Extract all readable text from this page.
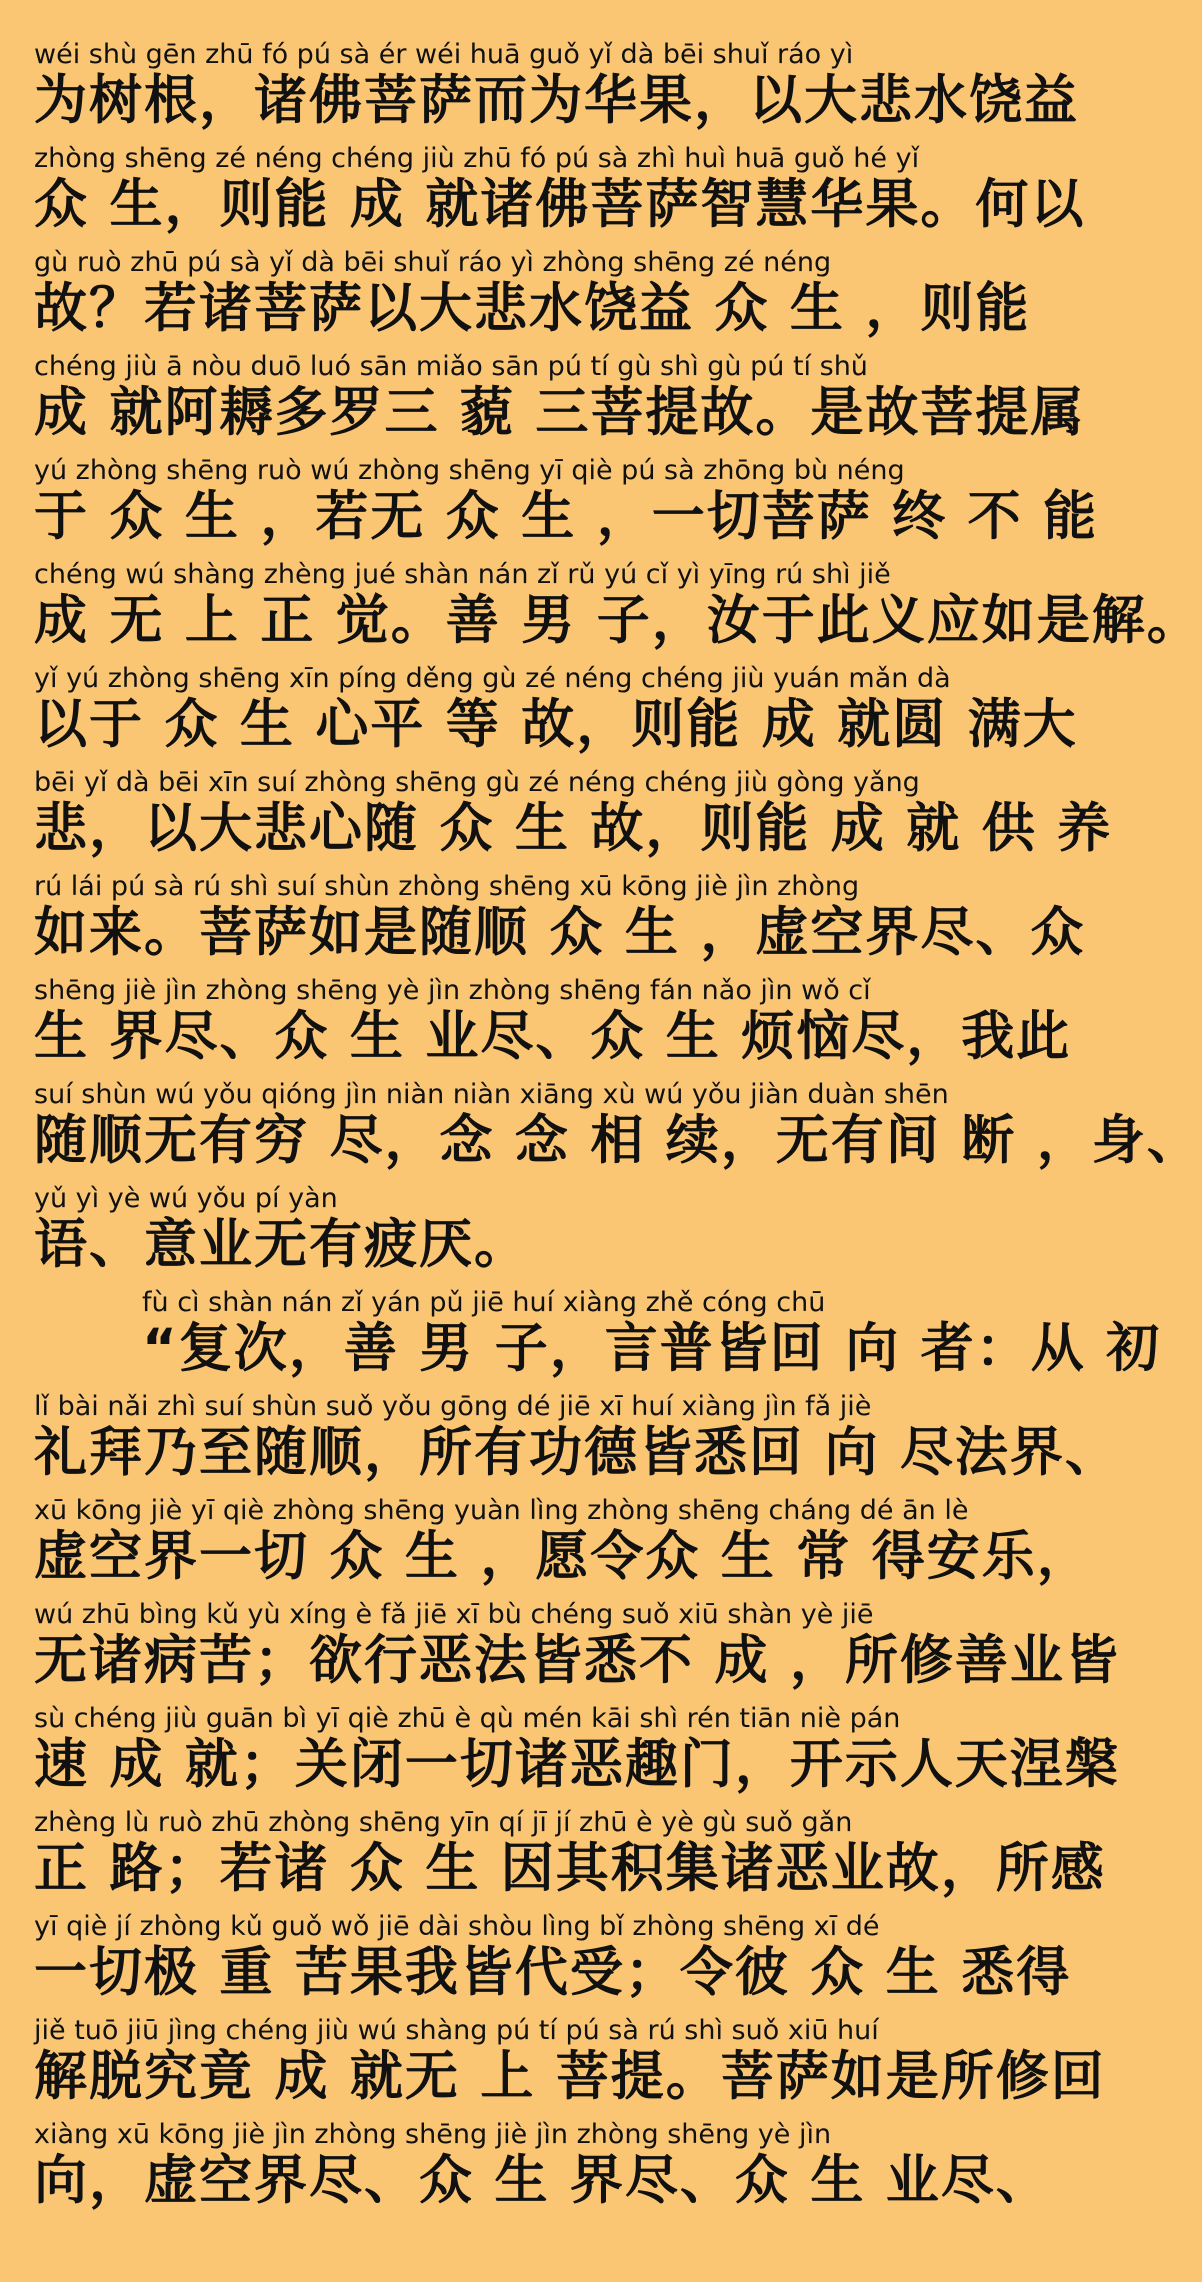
wéi shù gēn zhū fó pú sà ér wéi huā guǒ yǐ dà bēi shuǐ ráo yì
为树根，诸佛菩萨而为华果，以大悲水饶益
zhòng shēng zé néng chéng jiù zhū fó pú sà zhì huì huā guǒ hé yǐ
众 生，则能 成 就诸佛菩萨智慧华果。何以
gù ruò zhū pú sà yǐ dà bēi shuǐ ráo yì zhòng shēng zé néng
故？若诸菩萨以大悲水饶益 众 生 ，则能
chéng jiù ā nòu duō luó sān miǎo sān pú tí gù shì gù pú tí shǔ
成 就阿耨多罗三 藐 三菩提故。是故菩提属
yú zhòng shēng ruò wú zhòng shēng yī qiè pú sà zhōng bù néng
于 众 生 ，若无 众 生 ，一切菩萨 终 不 能
chéng wú shàng zhèng jué shàn nán zǐ rǔ yú cǐ yì yīng rú shì jiě
成 无 上 正 觉。善 男 子，汝于此义应如是解。
yǐ yú zhòng shēng xīn píng děng gù zé néng chéng jiù yuán mǎn dà
以于 众 生 心平 等 故，则能 成 就圆 满大
bēi yǐ dà bēi xīn suí zhòng shēng gù zé néng chéng jiù gòng yǎng
悲，以大悲心随 众 生 故，则能 成 就 供 养
rú lái pú sà rú shì suí shùn zhòng shēng xū kōng jiè jìn zhòng
如来。菩萨如是随顺 众 生 ，虚空界尽、众
shēng jiè jìn zhòng shēng yè jìn zhòng shēng fán nǎo jìn wǒ cǐ
生 界尽、众 生 业尽、众 生 烦恼尽，我此
suí shùn wú yǒu qióng jìn niàn niàn xiāng xù wú yǒu jiàn duàn shēn
随顺无有穷 尽，念 念 相 续，无有间 断 ，身、
yǔ yì yè wú yǒu pí yàn
语、意业无有疲厌。
fù cì shàn nán zǐ yán pǔ jiē huí xiàng zhě cóng chū
“复次，善 男 子，言普皆回 向 者：从 初
lǐ bài nǎi zhì suí shùn suǒ yǒu gōng dé jiē xī huí xiàng jìn fǎ jiè
礼拜乃至随顺，所有功德皆悉回 向 尽法界、
xū kōng jiè yī qiè zhòng shēng yuàn lìng zhòng shēng cháng dé ān lè
虚空界一切 众 生 ，愿令众 生 常 得安乐，
wú zhū bìng kǔ yù xíng è fǎ jiē xī bù chéng suǒ xiū shàn yè jiē
无诸病苦；欲行恶法皆悉不 成 ，所修善业皆
sù chéng jiù guān bì yī qiè zhū è qù mén kāi shì rén tiān niè pán
速 成 就；关闭一切诸恶趣门，开示人天涅槃
zhèng lù ruò zhū zhòng shēng yīn qí jī jí zhū è yè gù suǒ gǎn
正 路；若诸 众 生 因其积集诸恶业故，所感
yī qiè jí zhòng kǔ guǒ wǒ jiē dài shòu lìng bǐ zhòng shēng xī dé
一切极 重 苦果我皆代受；令彼 众 生 悉得
jiě tuō jiū jìng chéng jiù wú shàng pú tí pú sà rú shì suǒ xiū huí
解脱究竟 成 就无 上 菩提。菩萨如是所修回
xiàng xū kōng jiè jìn zhòng shēng jiè jìn zhòng shēng yè jìn
向，虚空界尽、众 生 界尽、众 生 业尽、
